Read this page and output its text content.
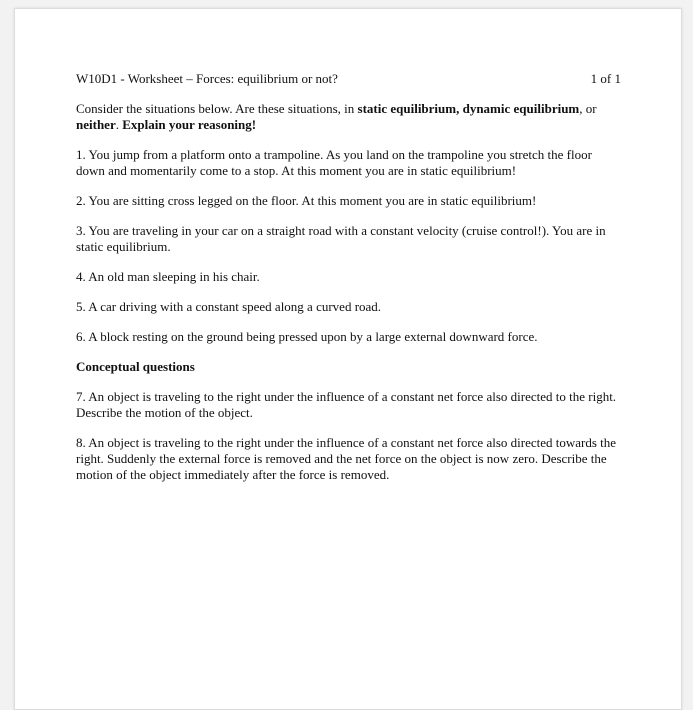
W10D1 - Worksheet – Forces: equilibrium or not?	1 of 1

Consider the situations below. Are these situations, in static equilibrium, dynamic equilibrium, or neither. Explain your reasoning!

1. You jump from a platform onto a trampoline. As you land on the trampoline you stretch the floor down and momentarily come to a stop. At this moment you are in static equilibrium!

2. You are sitting cross legged on the floor. At this moment you are in static equilibrium!

3. You are traveling in your car on a straight road with a constant velocity (cruise control!). You are in static equilibrium.

4. An old man sleeping in his chair.

5. A car driving with a constant speed along a curved road.

6. A block resting on the ground being pressed upon by a large external downward force.

Conceptual questions

7. An object is traveling to the right under the influence of a constant net force also directed to the right. Describe the motion of the object.

8. An object is traveling to the right under the influence of a constant net force also directed towards the right. Suddenly the external force is removed and the net force on the object is now zero. Describe the motion of the object immediately after the force is removed.
